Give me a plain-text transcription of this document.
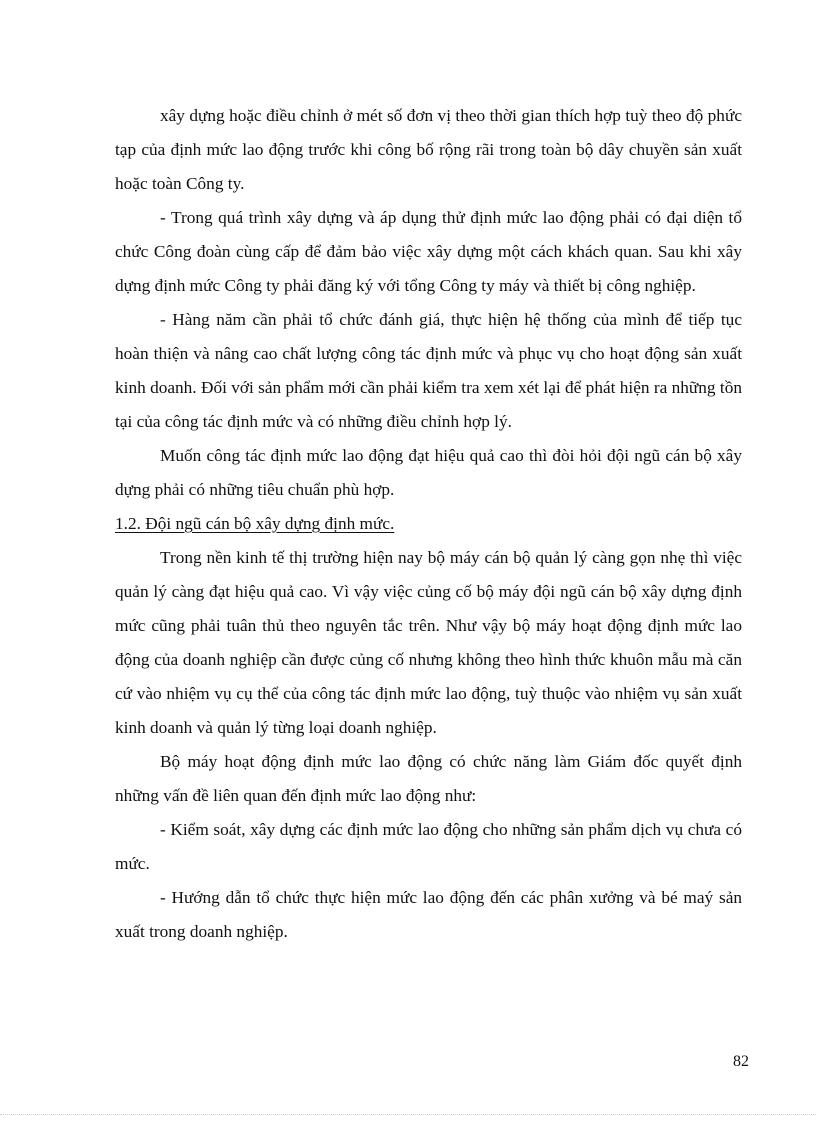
xây dựng hoặc điều chỉnh ở mét số đơn vị theo thời gian thích hợp tuỳ theo độ phức tạp của định mức lao động trước khi công bố rộng rãi trong toàn bộ dây chuyền sản xuất hoặc toàn Công ty.

- Trong quá trình xây dựng và áp dụng thử định mức lao động phải có đại diện tổ chức Công đoàn cùng cấp để đảm bảo việc xây dựng một cách khách quan. Sau khi xây dựng định mức Công ty phải đăng ký với tổng Công ty máy và thiết bị công nghiệp.

- Hàng năm cần phải tổ chức đánh giá, thực hiện hệ thống của mình để tiếp tục hoàn thiện và nâng cao chất lượng công tác định mức và phục vụ cho hoạt động sản xuất kinh doanh. Đối với sản phẩm mới cần phải kiểm tra xem xét lại để phát hiện ra những tồn tại của công tác định mức và có những điều chỉnh hợp lý.

Muốn công tác định mức lao động đạt hiệu quả cao thì đòi hỏi đội ngũ cán bộ xây dựng phải có những tiêu chuẩn phù hợp.

1.2. Đội ngũ cán bộ xây dựng định mức.

Trong nền kinh tế thị trường hiện nay bộ máy cán bộ quản lý càng gọn nhẹ thì việc quản lý càng đạt hiệu quả cao. Vì vậy việc củng cố bộ máy đội ngũ cán bộ xây dựng định mức cũng phải tuân thủ theo nguyên tắc trên. Như vậy bộ máy hoạt động định mức lao động của doanh nghiệp cần được củng cố nhưng không theo hình thức khuôn mẫu mà căn cứ vào nhiệm vụ cụ thể của công tác định mức lao động, tuỳ thuộc vào nhiệm vụ sản xuất kinh doanh và quản lý từng loại doanh nghiệp.

Bộ máy hoạt động định mức lao động có chức năng làm Giám đốc quyết định những vấn đề liên quan đến định mức lao động như:

- Kiểm soát, xây dựng các định mức lao động cho những sản phẩm dịch vụ chưa có mức.

- Hướng dẫn tổ chức thực hiện mức lao động đến các phân xưởng và bé maý sản xuất trong doanh nghiệp.

82
